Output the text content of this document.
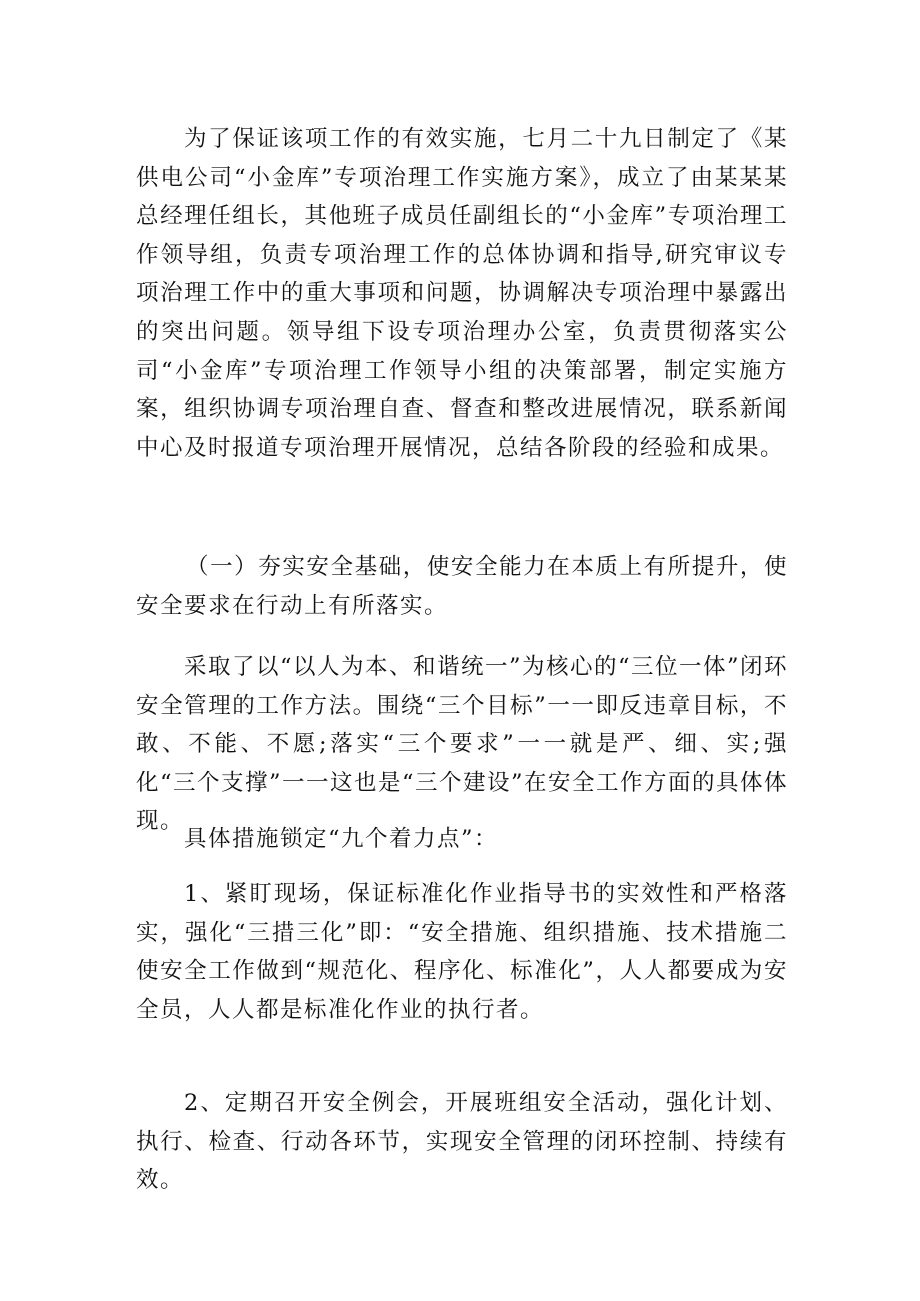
为了保证该项工作的有效实施，七月二十九日制定了《某供电公司“小金库”专项治理工作实施方案》，成立了由某某某总经理任组长，其他班子成员任副组长的“小金库”专项治理工作领导组，负责专项治理工作的总体协调和指导,研究审议专项治理工作中的重大事项和问题，协调解决专项治理中暴露出的突出问题。领导组下设专项治理办公室，负责贯彻落实公司“小金库”专项治理工作领导小组的决策部署，制定实施方案，组织协调专项治理自查、督查和整改进展情况，联系新闻中心及时报道专项治理开展情况，总结各阶段的经验和成果。

（一）夯实安全基础，使安全能力在本质上有所提升，使安全要求在行动上有所落实。

采取了以“以人为本、和谐统一”为核心的“三位一体”闭环安全管理的工作方法。围绕“三个目标”一一即反违章目标，不敢、不能、不愿;落实“三个要求”一一就是严、细、实;强化“三个支撑”一一这也是“三个建设”在安全工作方面的具体体现。

具体措施锁定“九个着力点”：

1、紧盯现场，保证标准化作业指导书的实效性和严格落实，强化“三措三化”即：“安全措施、组织措施、技术措施二使安全工作做到“规范化、程序化、标准化”，人人都要成为安全员，人人都是标准化作业的执行者。

2、定期召开安全例会，开展班组安全活动，强化计划、执行、检查、行动各环节，实现安全管理的闭环控制、持续有效。
